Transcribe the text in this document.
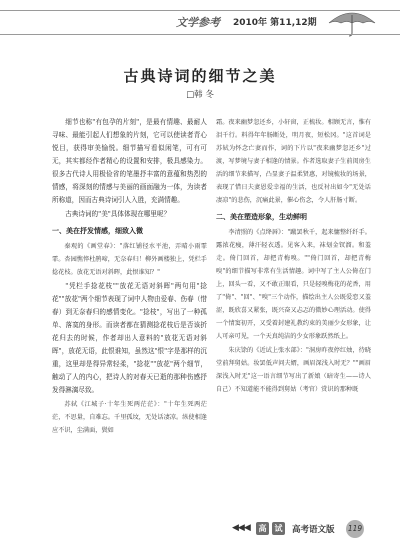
文学参考 2010年 第11,12期
古典诗词的细节之美
□韩 冬

细节也称"有包孕的片刻"，是最有情趣、最耐人寻味、最能引起人们想象的片刻，它可以使读者青心悦目，获得审美愉悦。细节描写看似闲笔，可有可无，其实都经作者精心的设置和安排，极具感染力。很多古代诗人用极俭省的笔墨抒丰富的意蕴和热烈的情感，将深刻的情感与美丽的画面融为一体，为读者所称道，因而古典诗词引人入胜，充满情趣。

古典诗词的"美"具体体现在哪里呢？

一、美在抒发情感，细致入微

秦观的《画堂春》："落红铺径水平池，弄晴小雨霏霏。杏园憔悴杜鹃啼，无奈春归！柳外画楼独上，凭栏手捻花枝。放花无语对斜晖，此恨谁知？"

"凭栏手捻花枝""放花无语对斜晖"两句用"捻花""放花"两个细节表现了词中人物由爱春、伤春（惜春）到无奈春归的感情变化。"捻枝"，写出了一种孤单、落寞的身形。而读者都在猜测捻花枝后是否该折花归去的时候，作者却出人意料的"放花无语对斜晖"，放花无语，此恨谁知，虽然这"恨"字是那样的沉重，这里却是得异常轻柔，"捻花""放花"两个细节，触动了人的内心，把诗人的对春天已逝的那种伤感抒发得淋漓尽致。

苏轼《江城子·十年生死两茫茫》："十年生死两茫茫，不思量，自难忘。千里孤坟，无处话凄凉。纵使相逢应不识，尘满面，鬓如

霜。夜来幽梦忽还乡，小轩窗，正梳妆。相顾无言，惟有泪千行。料得年年肠断处，明月夜，短松冈。"这首词是苏轼为怀念亡妻而作，词的下片以"夜来幽梦忽还乡"过渡，写梦境与妻子相逢的情景。作者选取妻子生前闺房生活的细节来描写，凸显妻子温柔贤惠，对镜梳妆的场景，表现了惜日夫妻恩爱幸福的生活，也反衬出如今"无处话凄凉"的悲伤，沉痛此景，催心伤念，令人肝肠寸断。

二、美在塑造形象，生动鲜明

李清照的《点绛唇》："蹴罢秋千，起来慵整纤纤手。露浓花瘦，薄汗轻衣透。见客入来，袜刬金钗溜。和羞走。倚门回首，却把青梅嗅。""倚门回首，却把青梅嗅"的细节描写非常有生活情趣。词中写了主人公倚在门上，回头一看，又不敢正眼看，只是轻嗅梅花的花香，用了"倚"、"回"、"嗅"三个动作，描绘出主人公既爱恋又羞涩，既欣喜又紧张，既兴奋又忐忑的微妙心理活动。使得一个情窦初开，又受着封建礼教约束的美丽少女形象，让人可亲可见，一个天真纯洁的少女形象跃然纸上。

朱庆馀的《近试上张水部》："洞房昨夜停红烛，待晓堂前拜舅姑。妆罢低声问夫婿，画眉深浅入时无？""画眉深浅入时无"这一语言细节写出了新娘（暗寄生——诗人自己）不知道能不能得到舅姑（考官）赏识的那种既

◀◀◀	高	试 高考语文版 119
